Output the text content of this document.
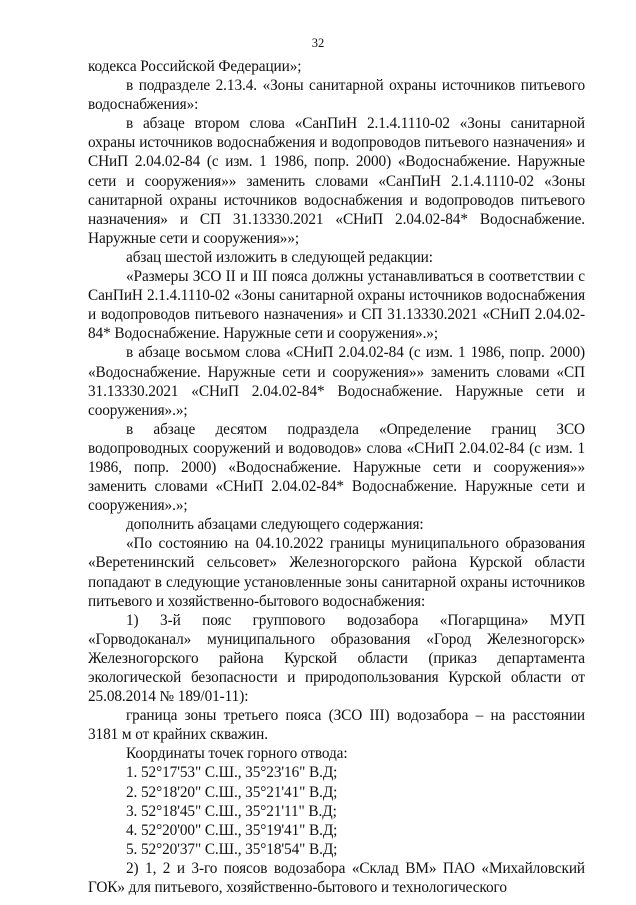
32

кодекса Российской Федерации»;

в подразделе 2.13.4. «Зоны санитарной охраны источников питьевого водоснабжения»:

в абзаце втором слова «СанПиН 2.1.4.1110-02 «Зоны санитарной охраны источников водоснабжения и водопроводов питьевого назначения» и СНиП 2.04.02-84 (с изм. 1 1986, попр. 2000) «Водоснабжение. Наружные сети и сооружения»» заменить словами «СанПиН 2.1.4.1110-02 «Зоны санитарной охраны источников водоснабжения и водопроводов питьевого назначения» и СП 31.13330.2021 «СНиП 2.04.02-84* Водоснабжение. Наружные сети и сооружения»»;

абзац шестой изложить в следующей редакции:

«Размеры ЗСО II и III пояса должны устанавливаться в соответствии с СанПиН 2.1.4.1110-02 «Зоны санитарной охраны источников водоснабжения и водопроводов питьевого назначения» и СП 31.13330.2021 «СНиП 2.04.02-84* Водоснабжение. Наружные сети и сооружения».»;

в абзаце восьмом слова «СНиП 2.04.02-84 (с изм. 1 1986, попр. 2000) «Водоснабжение. Наружные сети и сооружения»» заменить словами «СП 31.13330.2021 «СНиП 2.04.02-84* Водоснабжение. Наружные сети и сооружения».»;

в абзаце десятом подраздела «Определение границ ЗСО водопроводных сооружений и водоводов» слова «СНиП 2.04.02-84 (с изм. 1 1986, попр. 2000) «Водоснабжение. Наружные сети и сооружения»» заменить словами «СНиП 2.04.02-84* Водоснабжение. Наружные сети и сооружения».»;

дополнить абзацами следующего содержания:

«По состоянию на 04.10.2022 границы муниципального образования «Веретенинский сельсовет» Железногорского района Курской области попадают в следующие установленные зоны санитарной охраны источников питьевого и хозяйственно-бытового водоснабжения:

1) 3-й пояс группового водозабора «Погарщина» МУП «Горводоканал» муниципального образования «Город Железногорск» Железногорского района Курской области (приказ департамента экологической безопасности и природопользования Курской области от 25.08.2014 № 189/01-11):

граница зоны третьего пояса (ЗСО III) водозабора – на расстоянии 3181 м от крайних скважин.

Координаты точек горного отвода:

1. 52°17'53" С.Ш., 35°23'16" В.Д;

2. 52°18'20" С.Ш., 35°21'41" В.Д;

3. 52°18'45" С.Ш., 35°21'11" В.Д;

4. 52°20'00" С.Ш., 35°19'41" В.Д;

5. 52°20'37" С.Ш., 35°18'54" В.Д;

2) 1, 2 и 3-го поясов водозабора «Склад ВМ» ПАО «Михайловский ГОК» для питьевого, хозяйственно-бытового и технологического
